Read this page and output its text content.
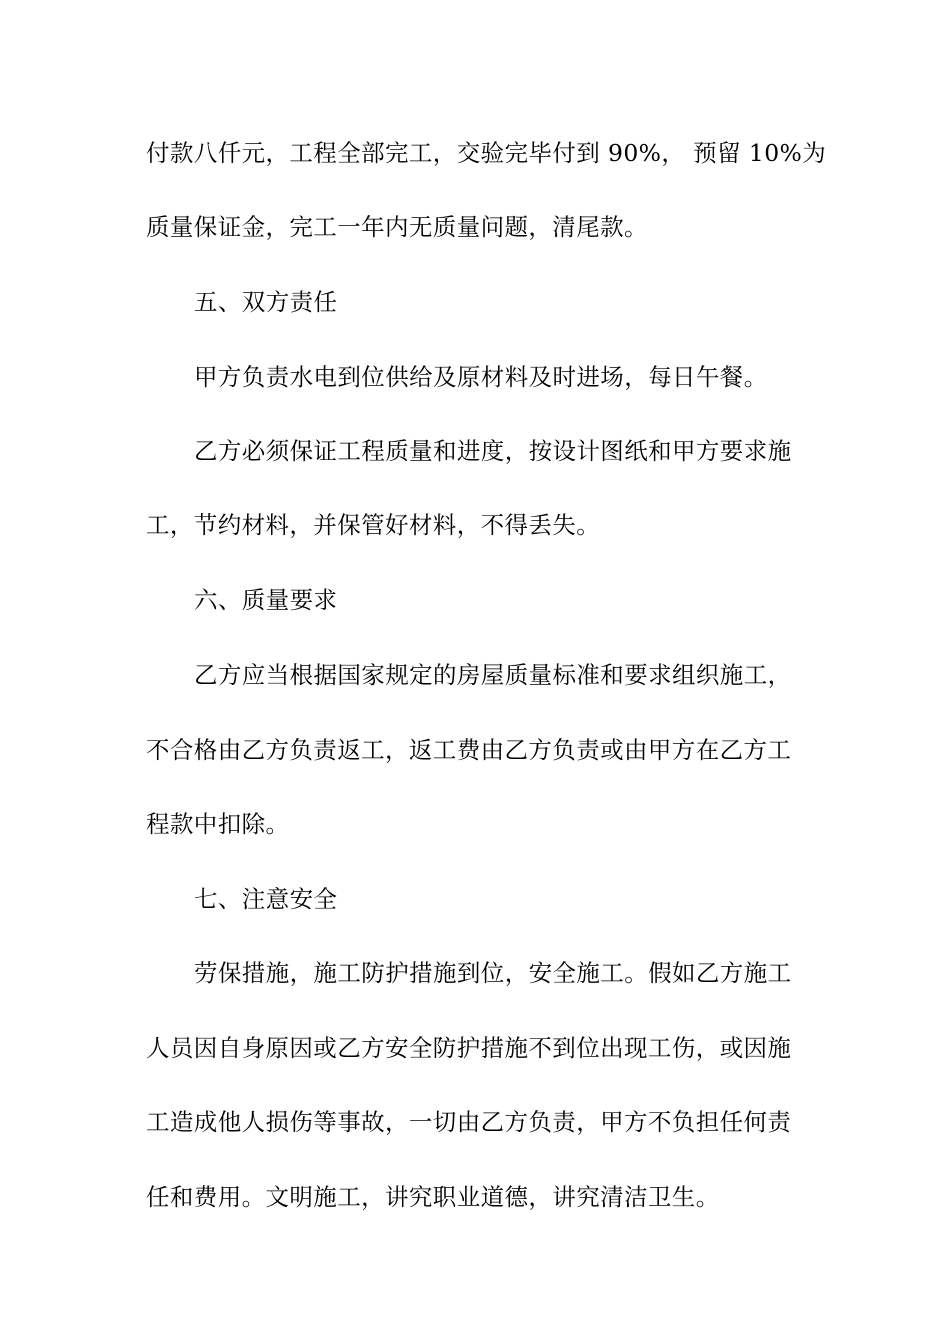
付款八仟元，工程全部完工，交验完毕付到 90%， 预留 10%为
质量保证金，完工一年内无质量问题，清尾款。
五、双方责任
甲方负责水电到位供给及原材料及时进场，每日午餐。
乙方必须保证工程质量和进度，按设计图纸和甲方要求施
工，节约材料，并保管好材料，不得丢失。
六、质量要求
乙方应当根据国家规定的房屋质量标准和要求组织施工，
不合格由乙方负责返工，返工费由乙方负责或由甲方在乙方工
程款中扣除。
七、注意安全
劳保措施，施工防护措施到位，安全施工。假如乙方施工
人员因自身原因或乙方安全防护措施不到位出现工伤，或因施
工造成他人损伤等事故，一切由乙方负责，甲方不负担任何责
任和费用。文明施工，讲究职业道德，讲究清洁卫生。
